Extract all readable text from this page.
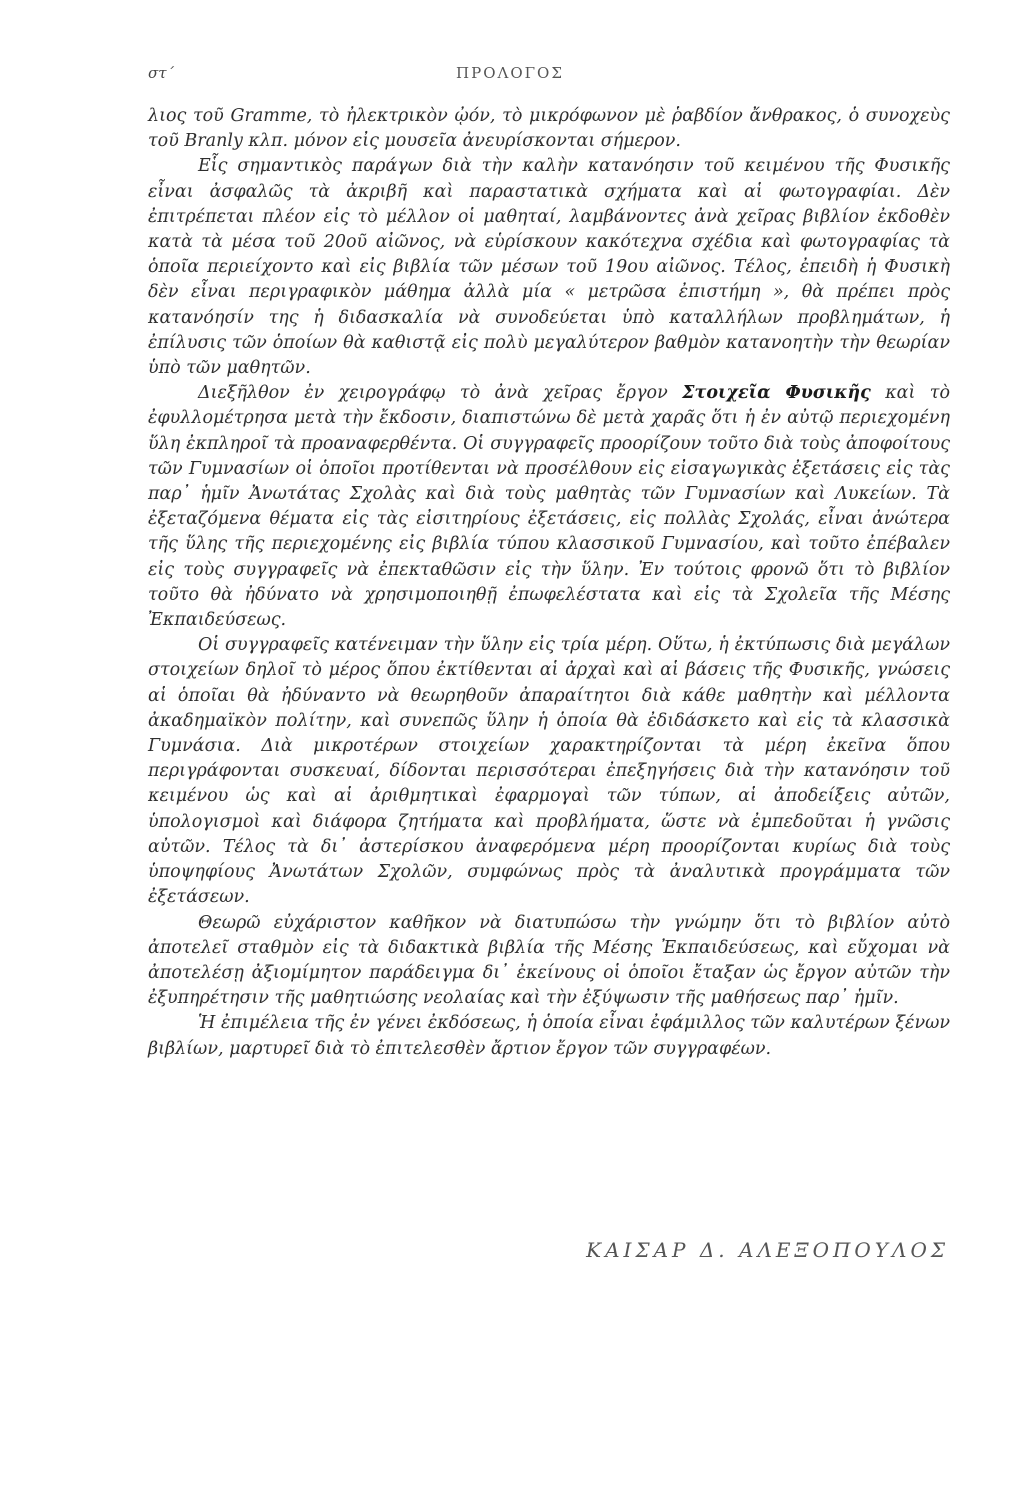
στ΄	ΠΡΟΛΟΓΟΣ

λιος τοῦ Gramme, τὸ ἠλεκτρικὸν ᾠόν, τὸ μικρόφωνον μὲ ῥαβδίον ἄνθρακος, ὁ συνοχεὺς τοῦ Branly κλπ. μόνον εἰς μουσεῖα ἀνευρίσκονται σήμερον.

Εἷς σημαντικὸς παράγων διὰ τὴν καλὴν κατανόησιν τοῦ κειμένου τῆς Φυσικῆς εἶναι ἀσφαλῶς τὰ ἀκριβῆ καὶ παραστατικὰ σχήματα καὶ αἱ φωτογραφίαι. Δὲν ἐπιτρέπεται πλέον εἰς τὸ μέλλον οἱ μαθηταί, λαμβάνοντες ἀνὰ χεῖρας βιβλίον ἐκδοθὲν κατὰ τὰ μέσα τοῦ 20οῦ αἰῶνος, νὰ εὑρίσκουν κακότεχνα σχέδια καὶ φωτογραφίας τὰ ὁποῖα περιείχοντο καὶ εἰς βιβλία τῶν μέσων τοῦ 19ου αἰῶνος. Τέλος, ἐπειδὴ ἡ Φυσικὴ δὲν εἶναι περιγραφικὸν μάθημα ἀλλὰ μία « μετρῶσα ἐπιστήμη », θὰ πρέπει πρὸς κατανόησίν της ἡ διδασκαλία νὰ συνοδεύεται ὑπὸ καταλλήλων προβλημάτων, ἡ ἐπίλυσις τῶν ὁποίων θὰ καθιστᾷ εἰς πολὺ μεγαλύτερον βαθμὸν κατανοητὴν τὴν θεωρίαν ὑπὸ τῶν μαθητῶν.

Διεξῆλθον ἐν χειρογράφῳ τὸ ἀνὰ χεῖρας ἔργον Στοιχεῖα Φυσικῆς καὶ τὸ ἐφυλλομέτρησα μετὰ τὴν ἔκδοσιν, διαπιστώνω δὲ μετὰ χαρᾶς ὅτι ἡ ἐν αὐτῷ περιεχομένη ὕλη ἐκπληροῖ τὰ προαναφερθέντα. Οἱ συγγραφεῖς προορίζουν τοῦτο διὰ τοὺς ἀποφοίτους τῶν Γυμνασίων οἱ ὁποῖοι προτίθενται νὰ προσέλθουν εἰς εἰσαγωγικὰς ἐξετάσεις εἰς τὰς παρ᾽ ἡμῖν Ἀνωτάτας Σχολὰς καὶ διὰ τοὺς μαθητὰς τῶν Γυμνασίων καὶ Λυκείων. Τὰ ἐξεταζόμενα θέματα εἰς τὰς εἰσιτηρίους ἐξετάσεις, εἰς πολλὰς Σχολάς, εἶναι ἀνώτερα τῆς ὕλης τῆς περιεχομένης εἰς βιβλία τύπου κλασσικοῦ Γυμνασίου, καὶ τοῦτο ἐπέβαλεν εἰς τοὺς συγγραφεῖς νὰ ἐπεκταθῶσιν εἰς τὴν ὕλην. Ἐν τούτοις φρονῶ ὅτι τὸ βιβλίον τοῦτο θὰ ἠδύνατο νὰ χρησιμοποιηθῇ ἐπωφελέστατα καὶ εἰς τὰ Σχολεῖα τῆς Μέσης Ἐκπαιδεύσεως.

Οἱ συγγραφεῖς κατένειμαν τὴν ὕλην εἰς τρία μέρη. Οὕτω, ἡ ἐκτύπωσις διὰ μεγάλων στοιχείων δηλοῖ τὸ μέρος ὅπου ἐκτίθενται αἱ ἀρχαὶ καὶ αἱ βάσεις τῆς Φυσικῆς, γνώσεις αἱ ὁποῖαι θὰ ἠδύναντο νὰ θεωρηθοῦν ἀπαραίτητοι διὰ κάθε μαθητὴν καὶ μέλλοντα ἀκαδημαϊκὸν πολίτην, καὶ συνεπῶς ὕλην ἡ ὁποία θὰ ἐδιδάσκετο καὶ εἰς τὰ κλασσικὰ Γυμνάσια. Διὰ μικροτέρων στοιχείων χαρακτηρίζονται τὰ μέρη ἐκεῖνα ὅπου περιγράφονται συσκευαί, δίδονται περισσότεραι ἐπεξηγήσεις διὰ τὴν κατανόησιν τοῦ κειμένου ὡς καὶ αἱ ἀριθμητικαὶ ἐφαρμογαὶ τῶν τύπων, αἱ ἀποδείξεις αὐτῶν, ὑπολογισμοὶ καὶ διάφορα ζητήματα καὶ προβλήματα, ὥστε νὰ ἐμπεδοῦται ἡ γνῶσις αὐτῶν. Τέλος τὰ δι᾽ ἀστερίσκου ἀναφερόμενα μέρη προορίζονται κυρίως διὰ τοὺς ὑποψηφίους Ἀνωτάτων Σχολῶν, συμφώνως πρὸς τὰ ἀναλυτικὰ προγράμματα τῶν ἐξετάσεων.

Θεωρῶ εὐχάριστον καθῆκον νὰ διατυπώσω τὴν γνώμην ὅτι τὸ βιβλίον αὐτὸ ἀποτελεῖ σταθμὸν εἰς τὰ διδακτικὰ βιβλία τῆς Μέσης Ἐκπαιδεύσεως, καὶ εὔχομαι νὰ ἀποτελέσῃ ἀξιομίμητον παράδειγμα δι᾽ ἐκείνους οἱ ὁποῖοι ἔταξαν ὡς ἔργον αὐτῶν τὴν ἐξυπηρέτησιν τῆς μαθητιώσης νεολαίας καὶ τὴν ἐξύψωσιν τῆς μαθήσεως παρ᾽ ἡμῖν.

Ἡ ἐπιμέλεια τῆς ἐν γένει ἐκδόσεως, ἡ ὁποία εἶναι ἐφάμιλλος τῶν καλυτέρων ξένων βιβλίων, μαρτυρεῖ διὰ τὸ ἐπιτελεσθὲν ἄρτιον ἔργον τῶν συγγραφέων.

ΚΑΙΣΑΡ Δ. ΑΛΕΞΟΠΟΥΛΟΣ
